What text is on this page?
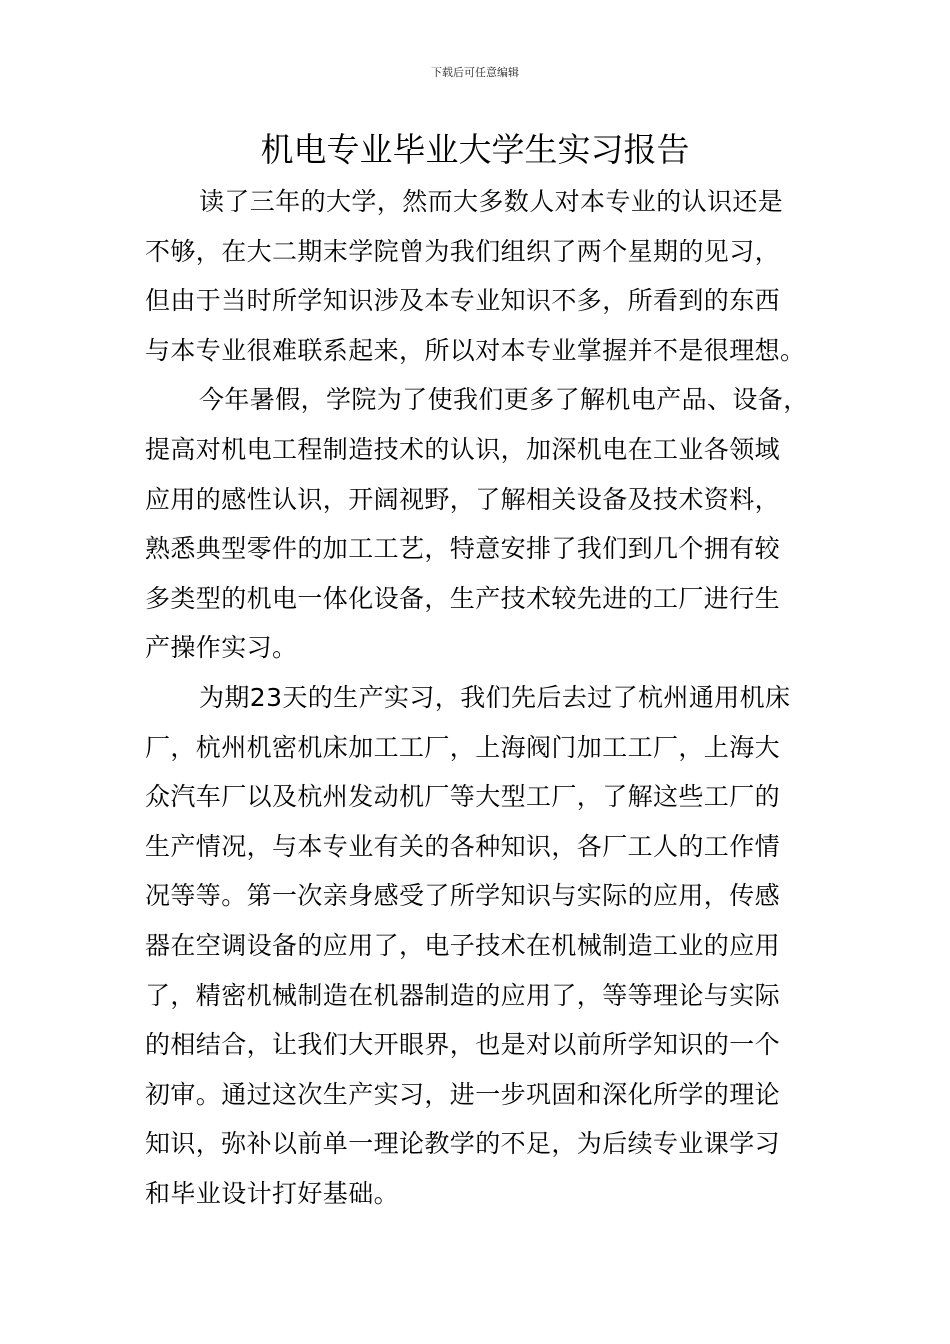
下载后可任意编辑
机电专业毕业大学生实习报告
读了三年的大学，然而大多数人对本专业的认识还是
不够，在大二期末学院曾为我们组织了两个星期的见习，
但由于当时所学知识涉及本专业知识不多，所看到的东西
与本专业很难联系起来，所以对本专业掌握并不是很理想。
今年暑假，学院为了使我们更多了解机电产品、设备，
提高对机电工程制造技术的认识，加深机电在工业各领域
应用的感性认识，开阔视野，了解相关设备及技术资料，
熟悉典型零件的加工工艺，特意安排了我们到几个拥有较
多类型的机电一体化设备，生产技术较先进的工厂进行生
产操作实习。
为期23天的生产实习，我们先后去过了杭州通用机床
厂，杭州机密机床加工工厂，上海阀门加工工厂，上海大
众汽车厂以及杭州发动机厂等大型工厂，了解这些工厂的
生产情况，与本专业有关的各种知识，各厂工人的工作情
况等等。第一次亲身感受了所学知识与实际的应用，传感
器在空调设备的应用了，电子技术在机械制造工业的应用
了，精密机械制造在机器制造的应用了，等等理论与实际
的相结合，让我们大开眼界，也是对以前所学知识的一个
初审。通过这次生产实习，进一步巩固和深化所学的理论
知识，弥补以前单一理论教学的不足，为后续专业课学习
和毕业设计打好基础。
